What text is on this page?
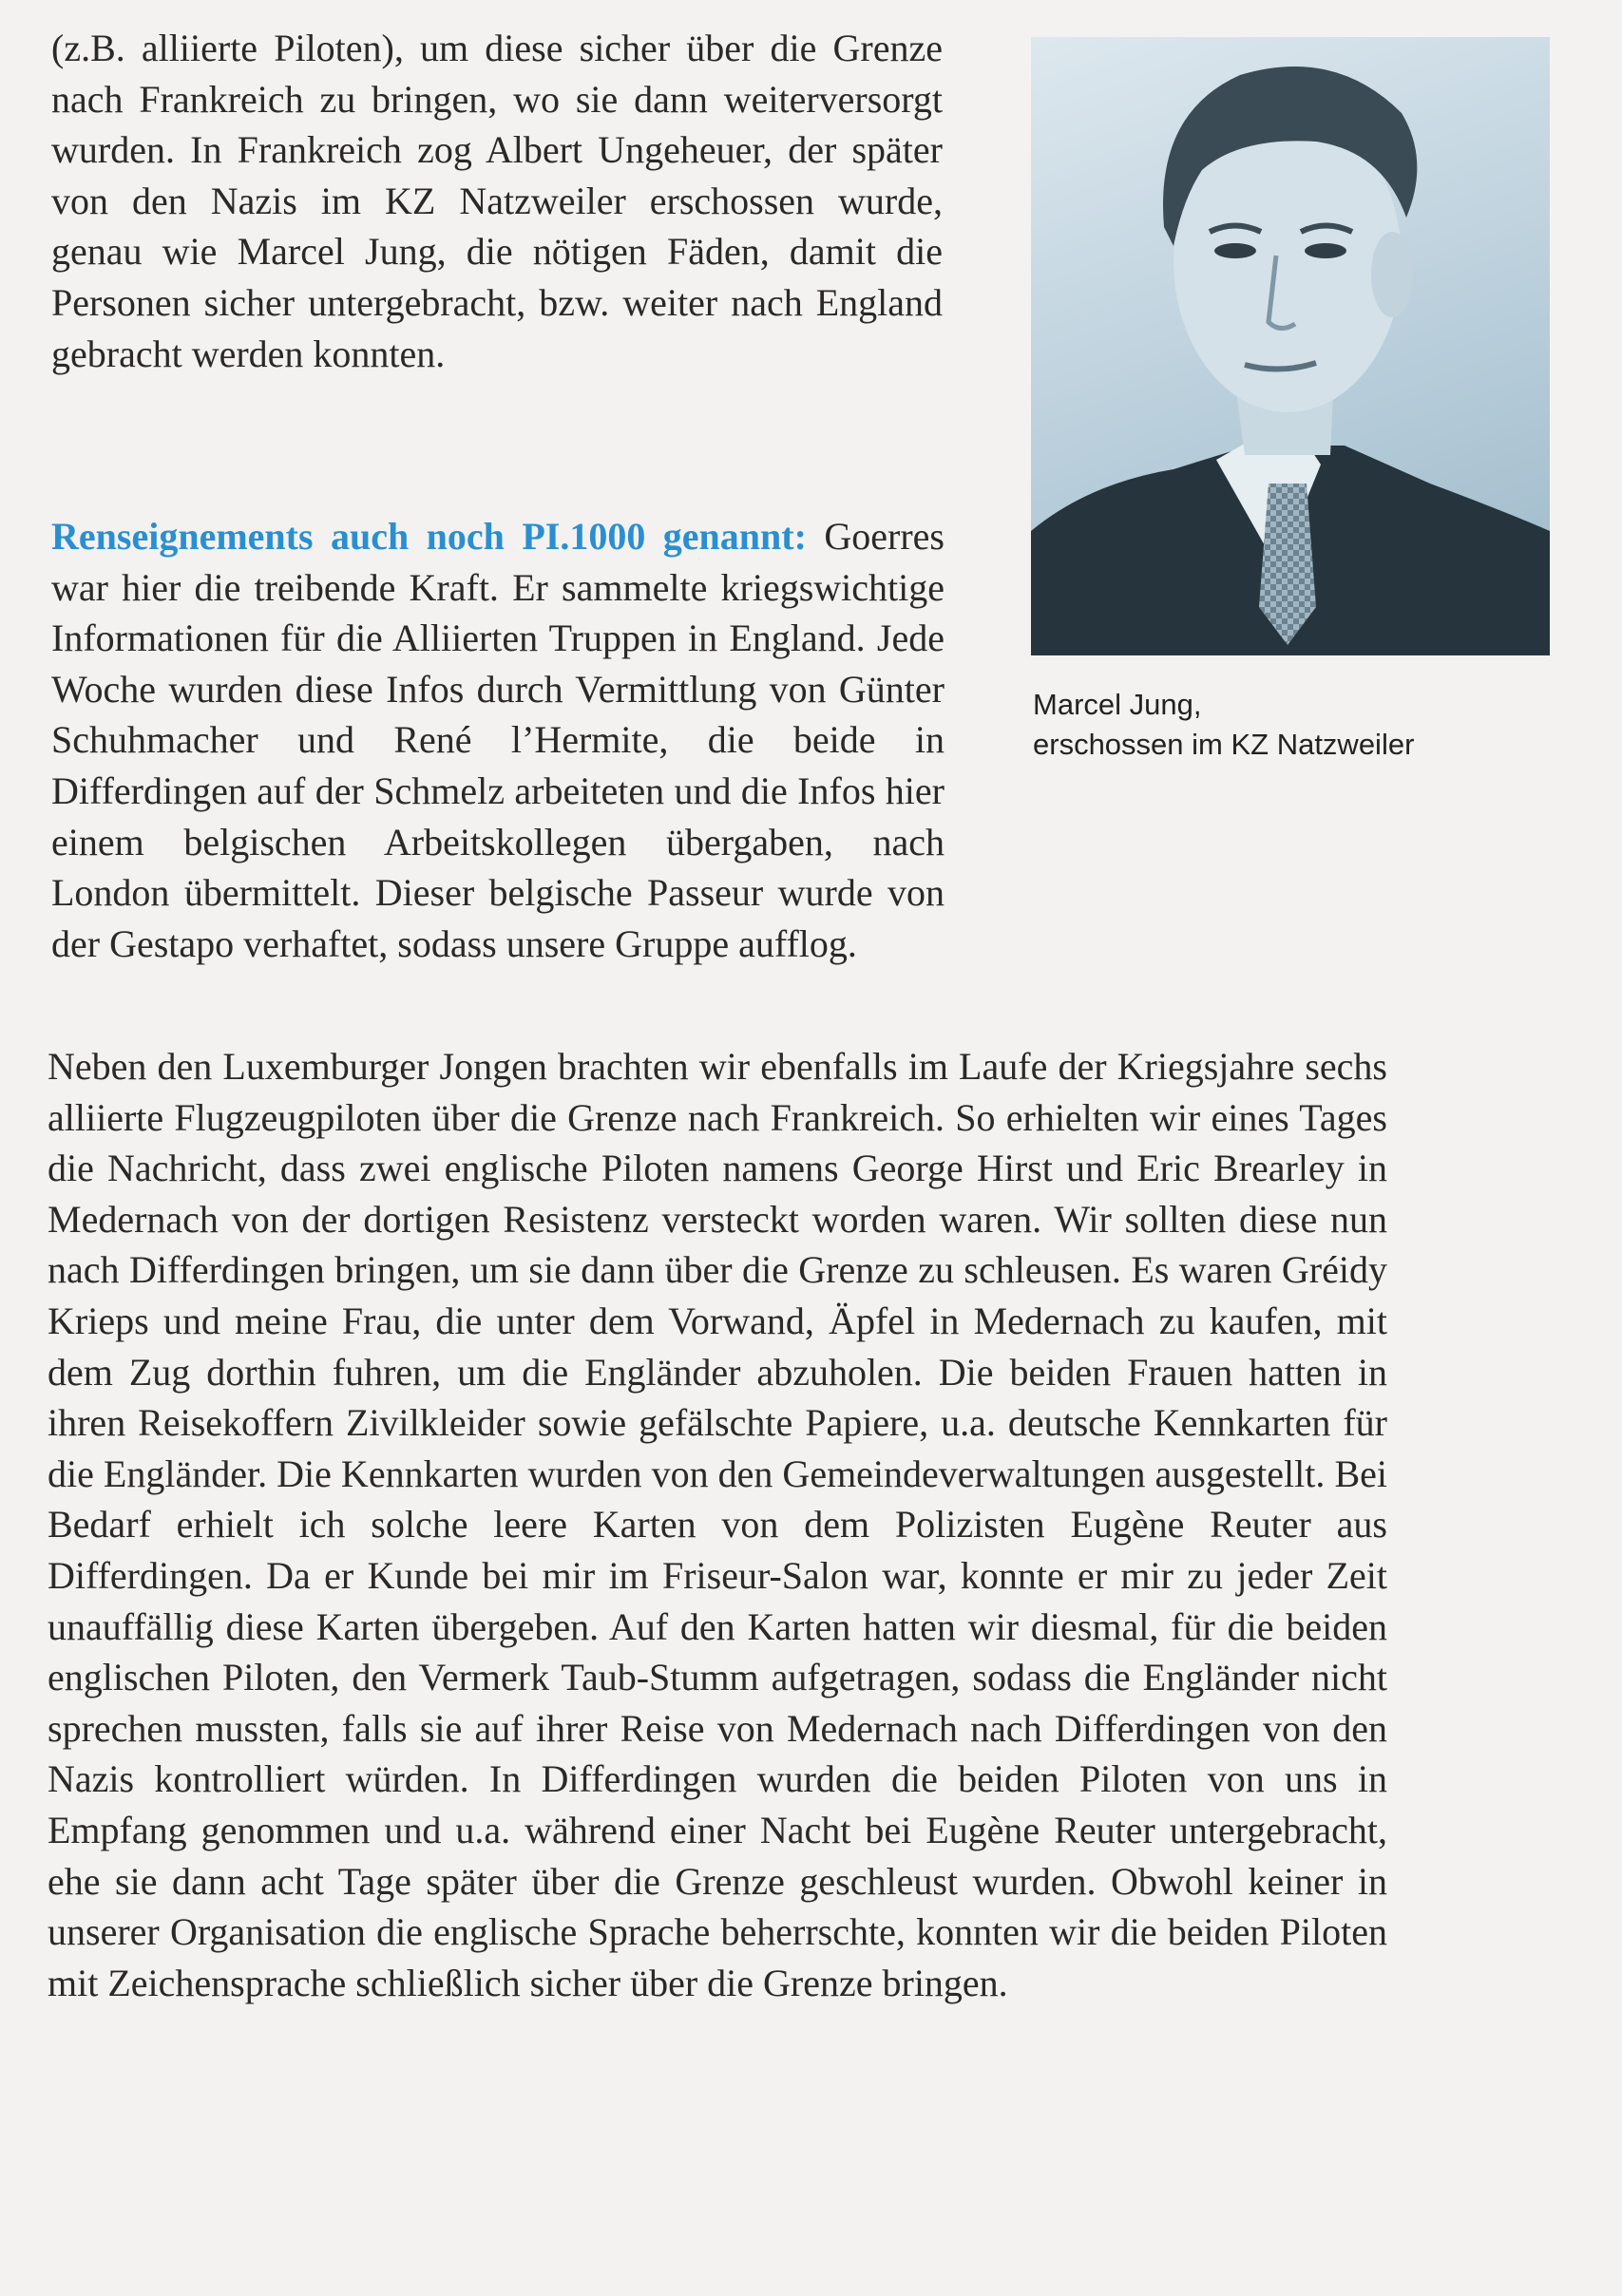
(z.B. alliierte Piloten), um diese sicher über die Grenze nach Frankreich zu bringen, wo sie dann weiterversorgt wurden. In Frankreich zog Albert Ungeheuer, der später von den Nazis im KZ Natzweiler erschossen wurde, genau wie Marcel Jung, die nötigen Fäden, damit die Personen sicher untergebracht, bzw. weiter nach England gebracht werden konnten.

Renseignements auch noch PI.1000 genannt: Goerres war hier die treibende Kraft. Er sammelte kriegswichtige Informationen für die Alliierten Truppen in England. Jede Woche wurden diese Infos durch Vermittlung von Günter Schuhmacher und René l’Hermite, die beide in Differdingen auf der Schmelz arbeiteten und die Infos hier einem belgischen Arbeitskollegen übergaben, nach London übermittelt. Dieser belgische Passeur wurde von der Gestapo verhaftet, sodass unsere Gruppe aufflog.

Neben den Luxemburger Jongen brachten wir ebenfalls im Laufe der Kriegsjahre sechs alliierte Flugzeugpiloten über die Grenze nach Frankreich. So erhielten wir eines Tages die Nachricht, dass zwei englische Piloten namens George Hirst und Eric Brearley in Medernach von der dortigen Resistenz versteckt worden waren. Wir sollten diese nun nach Differdingen bringen, um sie dann über die Grenze zu schleusen. Es waren Gréidy Krieps und meine Frau, die unter dem Vorwand, Äpfel in Medernach zu kaufen, mit dem Zug dorthin fuhren, um die Engländer abzuholen. Die beiden Frauen hatten in ihren Reisekoffern Zivilkleider sowie gefälschte Papiere, u.a. deutsche Kennkarten für die Engländer. Die Kennkarten wurden von den Gemeindeverwaltungen ausgestellt. Bei Bedarf erhielt ich solche leere Karten von dem Polizisten Eugène Reuter aus Differdingen. Da er Kunde bei mir im Friseur-Salon war, konnte er mir zu jeder Zeit unauffällig diese Karten übergeben. Auf den Karten hatten wir diesmal, für die beiden englischen Piloten, den Vermerk Taub-Stumm aufgetragen, sodass die Engländer nicht sprechen mussten, falls sie auf ihrer Reise von Medernach nach Differdingen von den Nazis kontrolliert würden. In Differdingen wurden die beiden Piloten von uns in Empfang genommen und u.a. während einer Nacht bei Eugène Reuter untergebracht, ehe sie dann acht Tage später über die Grenze geschleust wurden. Obwohl keiner in unserer Organisation die englische Sprache beherrschte, konnten wir die beiden Piloten mit Zeichensprache schließlich sicher über die Grenze bringen.

Marcel Jung,
erschossen im KZ Natzweiler
